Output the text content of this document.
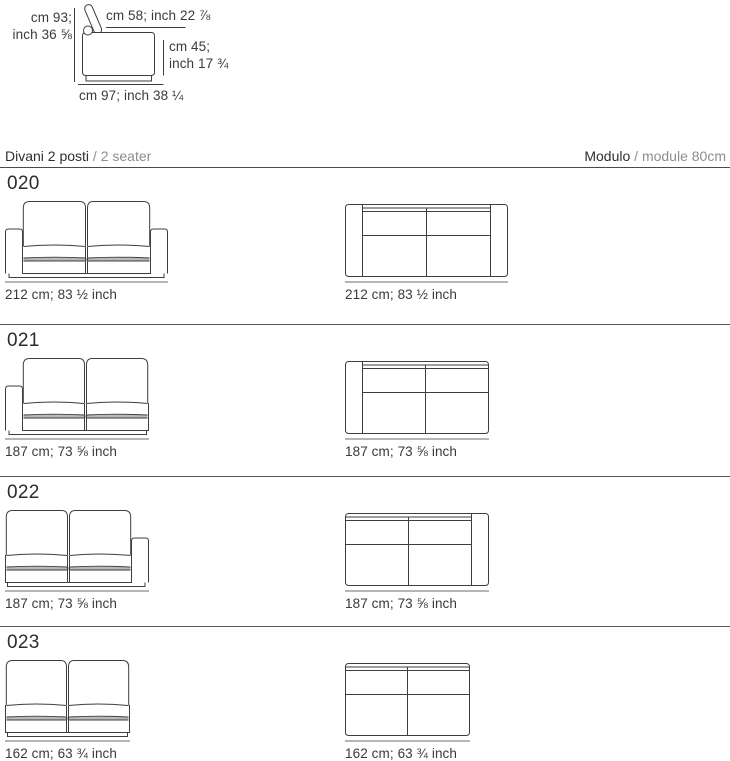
cm 93;
inch 36 ⅝
cm 58; inch 22 ⅞
cm 45;
inch 17 ¾
cm 97; inch 38 ¼
Divani 2 posti / 2 seater	Modulo / module 80cm
020
212 cm; 83 ½ inch	212 cm; 83 ½ inch
021
187 cm; 73 ⅝ inch	187 cm; 73 ⅝ inch
022
187 cm; 73 ⅝ inch	187 cm; 73 ⅝ inch
023
162 cm; 63 ¾ inch	162 cm; 63 ¾ inch
